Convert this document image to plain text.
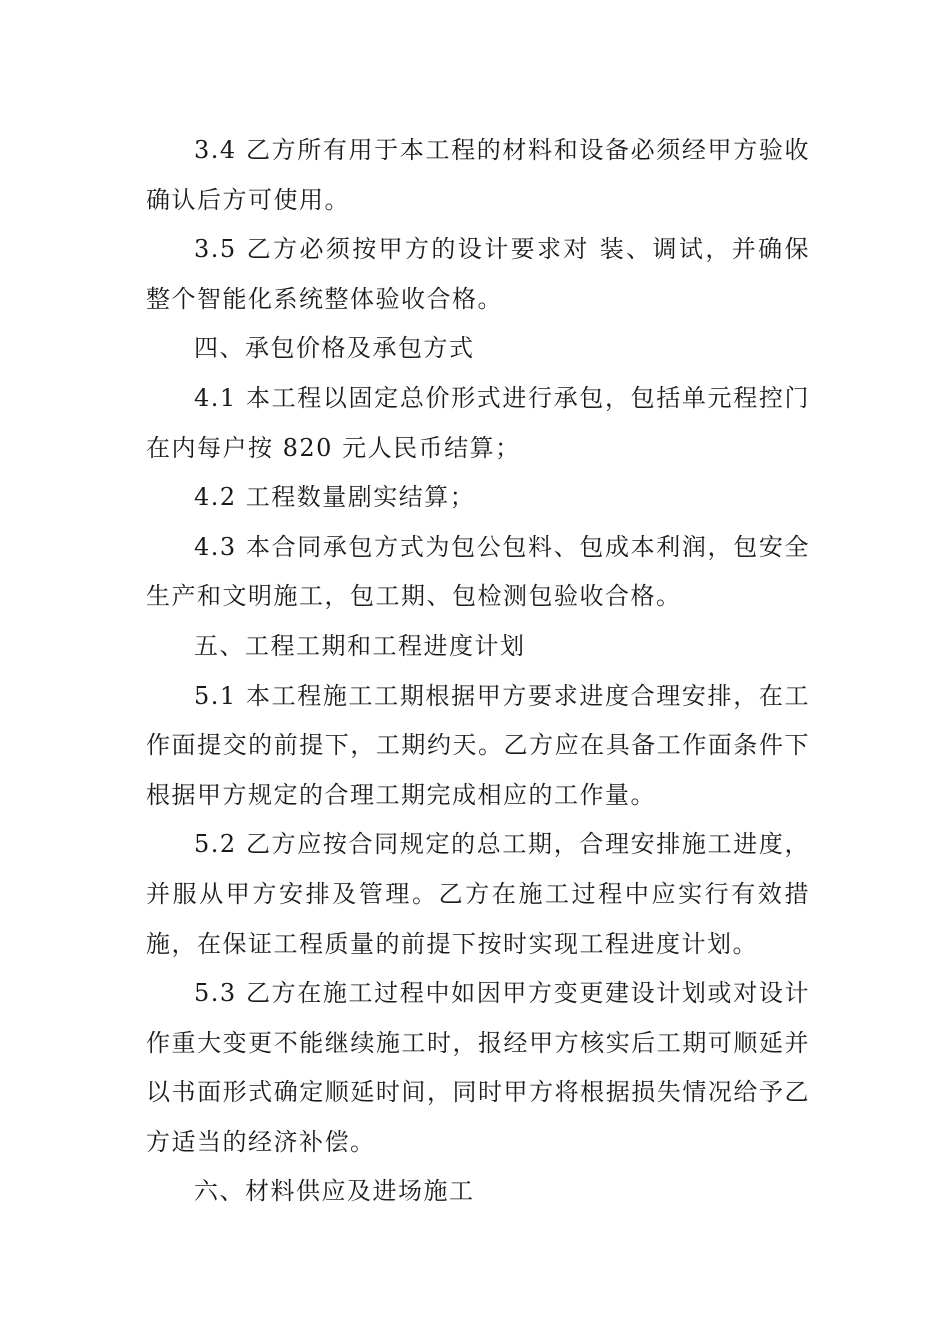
3.4 乙方所有用于本工程的材料和设备必须经甲方验收确认后方可使用。

3.5 乙方必须按甲方的设计要求对 装、调试，并确保整个智能化系统整体验收合格。

四、承包价格及承包方式

4.1 本工程以固定总价形式进行承包，包括单元程控门在内每户按 820 元人民币结算；

4.2 工程数量剧实结算；

4.3 本合同承包方式为包公包料、包成本利润，包安全生产和文明施工，包工期、包检测包验收合格。

五、工程工期和工程进度计划

5.1 本工程施工工期根据甲方要求进度合理安排，在工作面提交的前提下，工期约天。乙方应在具备工作面条件下根据甲方规定的合理工期完成相应的工作量。

5.2 乙方应按合同规定的总工期，合理安排施工进度，并服从甲方安排及管理。乙方在施工过程中应实行有效措施，在保证工程质量的前提下按时实现工程进度计划。

5.3 乙方在施工过程中如因甲方变更建设计划或对设计作重大变更不能继续施工时，报经甲方核实后工期可顺延并以书面形式确定顺延时间，同时甲方将根据损失情况给予乙方适当的经济补偿。

六、材料供应及进场施工
